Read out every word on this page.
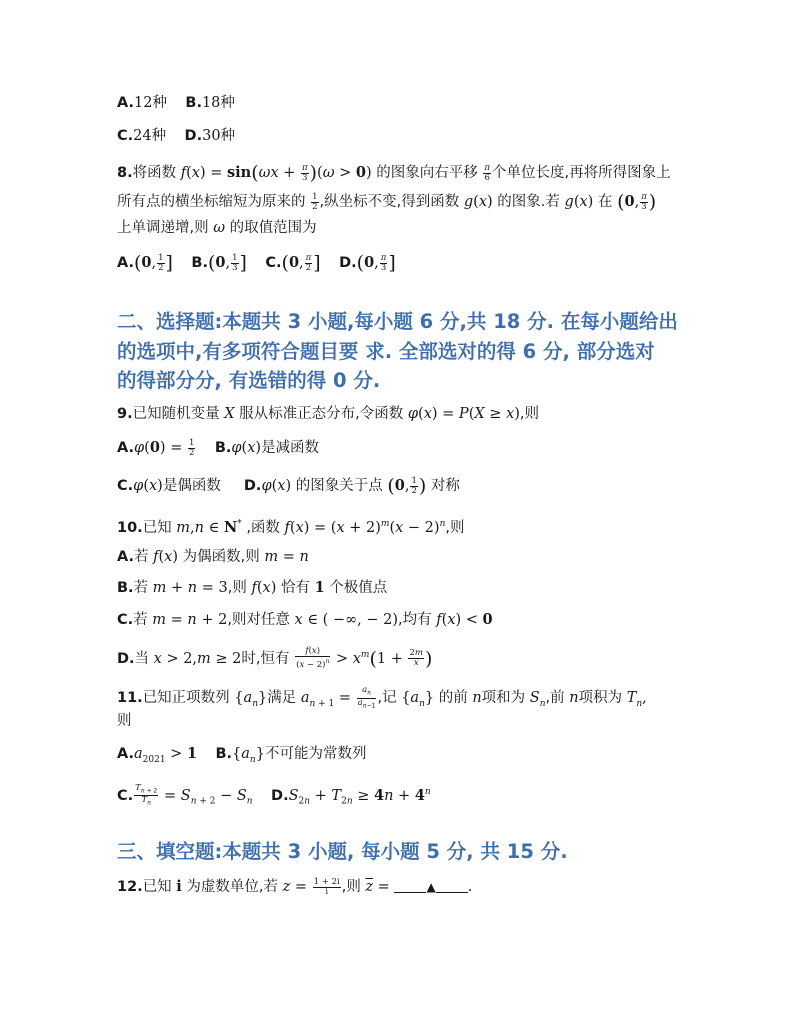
A.12种 B.18种
C.24种 D.30种
8.将函数 $f(x) = \sin(\omega x + \frac{\pi}{3} )(\omega > 0)$ 的图象向右平移 $\frac{\pi}{6}$ 个单位长度,再将所得图象上
所有点的横坐标缩短为原来的 $\frac{1}{2}$ ,纵坐标不变,得到函数 g(x) 的图象.若 g(x) 在 (0, $\frac{\pi}{3}$ )
上单调递增,则 ω 的取值范围为
A.(0, $\frac{1}{2}$ ] B.(0, $\frac{1}{3}$ ] C.(0, $\frac{\pi}{2}$ ] D.(0, $\frac{\pi}{3}$ ]
二、选择题:本题共 3 小题,每小题 6 分,共 18 分. 在每小题给出
的选项中,有多项符合题目要 求. 全部选对的得 6 分, 部分选对
的得部分分, 有选错的得 0 分.
9.已知随机变量 X 服从标准正态分布,令函数 φ(x) = P(X ≥ x),则
$A.\varphi(0) = \frac{1}{2} B.\varphi(x)$是减函数
C.φ(x)是偶函数 D.φ(x) 的图象关于点 (0, $\frac{1}{2}$ ) 对称
10.已知 m,n ∈ N* ,函数 $f(x) = (x + 2)^m(x - 2)^n$,则
A.若 f(x) 为偶函数,则 m = n
B.若 m + n = 3,则 f(x) 恰有 1 个极值点
C.若 m = n + 2,则对任意 x ∈ ( −∞, − 2),均有 f(x) < 0
D.当 x > 2,m ≥ 2时,恒有 $\frac{f(x)}{(x - 2)^n} > x^m(1 + \frac{2m}{x}$ )
11.已知正项数列 $\{a_n\}$满足 $a_{n + 1} = \frac{a_n}{a_{n-1}}$ ,记 $\{a_n\}$ 的前 n项和为 $S_n$,前 n项积为 $T_n$,
则
$A.a_{2021} > 1$ $B.\{a_n\}$不可能为常数列
C. $\frac{T_{n + 2}}{T_n} = S_{n + 2} - S_n$ $D.S_{2n} + T_{2n} \ge 4n + 4^n$
三、填空题:本题共 3 小题, 每小题 5 分, 共 15 分.
12.已知 i 为虚数单位,若 $z = \frac{1 + 2i}{i}$ ,则 $\overline{z}$ =	▲ .
